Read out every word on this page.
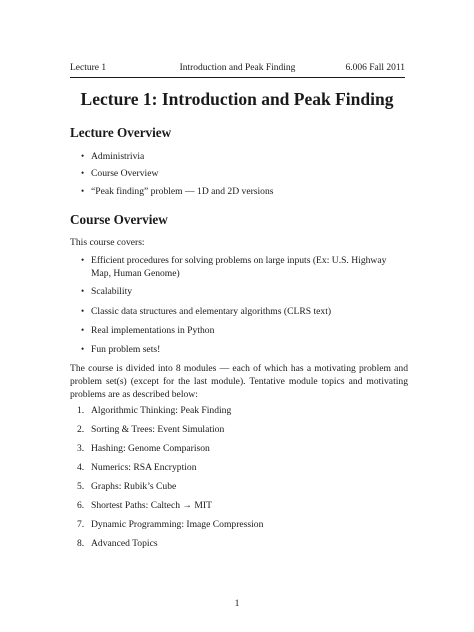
Lecture 1	Introduction and Peak Finding	6.006 Fall 2011
Lecture 1: Introduction and Peak Finding
Lecture Overview
• Administrivia
• Course Overview
• “Peak finding” problem — 1D and 2D versions
Course Overview
This course covers:
• Efficient procedures for solving problems on large inputs (Ex: U.S. Highway Map, Human Genome)
• Scalability
• Classic data structures and elementary algorithms (CLRS text)
• Real implementations in Python
• Fun problem sets!
The course is divided into 8 modules — each of which has a motivating problem and problem set(s) (except for the last module). Tentative module topics and motivating problems are as described below:
1. Algorithmic Thinking: Peak Finding
2. Sorting & Trees: Event Simulation
3. Hashing: Genome Comparison
4. Numerics: RSA Encryption
5. Graphs: Rubik’s Cube
6. Shortest Paths: Caltech → MIT
7. Dynamic Programming: Image Compression
8. Advanced Topics
1
